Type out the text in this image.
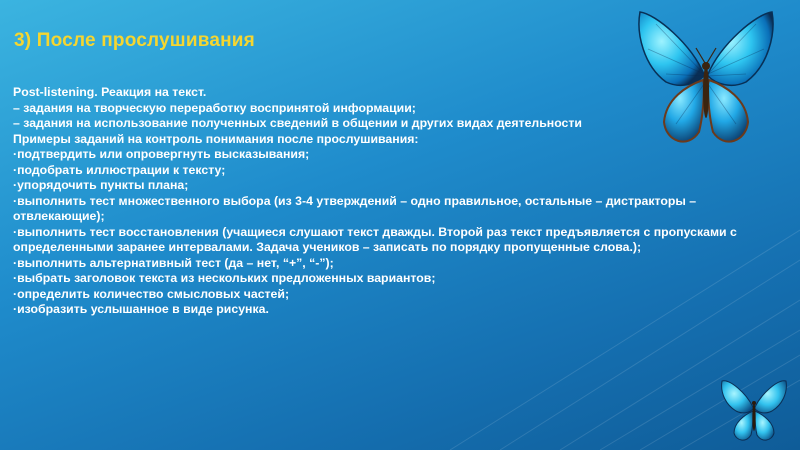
3) После прослушивания
Post-listening. Реакция на текст.
– задания на творческую переработку воспринятой информации;
– задания на использование полученных сведений в общении и других видах деятельности
Примеры заданий на контроль понимания после прослушивания:
·подтвердить или опровергнуть высказывания;
·подобрать иллюстрации к тексту;
·упорядочить пункты плана;
·выполнить тест множественного выбора (из 3-4 утверждений – одно правильное, остальные – дистракторы – отвлекающие);
·выполнить тест восстановления (учащиеся слушают текст дважды. Второй раз текст предъявляется с пропусками с определенными заранее интервалами. Задача учеников – записать по порядку пропущенные слова.);
·выполнить альтернативный тест (да – нет, “+”, “-”);
·выбрать заголовок текста из нескольких предложенных вариантов;
·определить количество смысловых частей;
·изобразить услышанное в виде рисунка.
